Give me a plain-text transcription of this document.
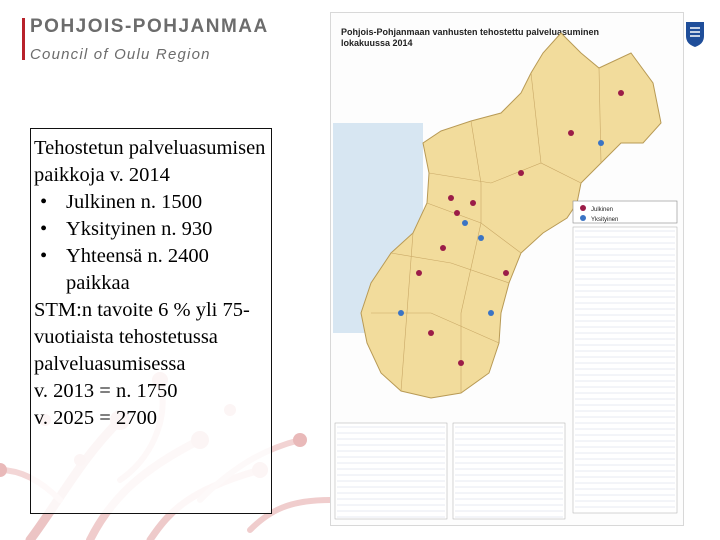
POHJOIS-POHJANMAA
Council of Oulu Region
Pohjois-Pohjanmaan vanhusten tehostettu palveluasuminen lokakuussa 2014
Julkinen
Yksityinen

Tehostetun palveluasumisen paikkoja v. 2014

• Julkinen n. 1500
• Yksityinen n. 930
• Yhteensä n. 2400 paikkaa

STM:n tavoite 6 % yli 75-vuotiaista tehostetussa palveluasumisessa

v. 2013 = n. 1750

v. 2025 = 2700
